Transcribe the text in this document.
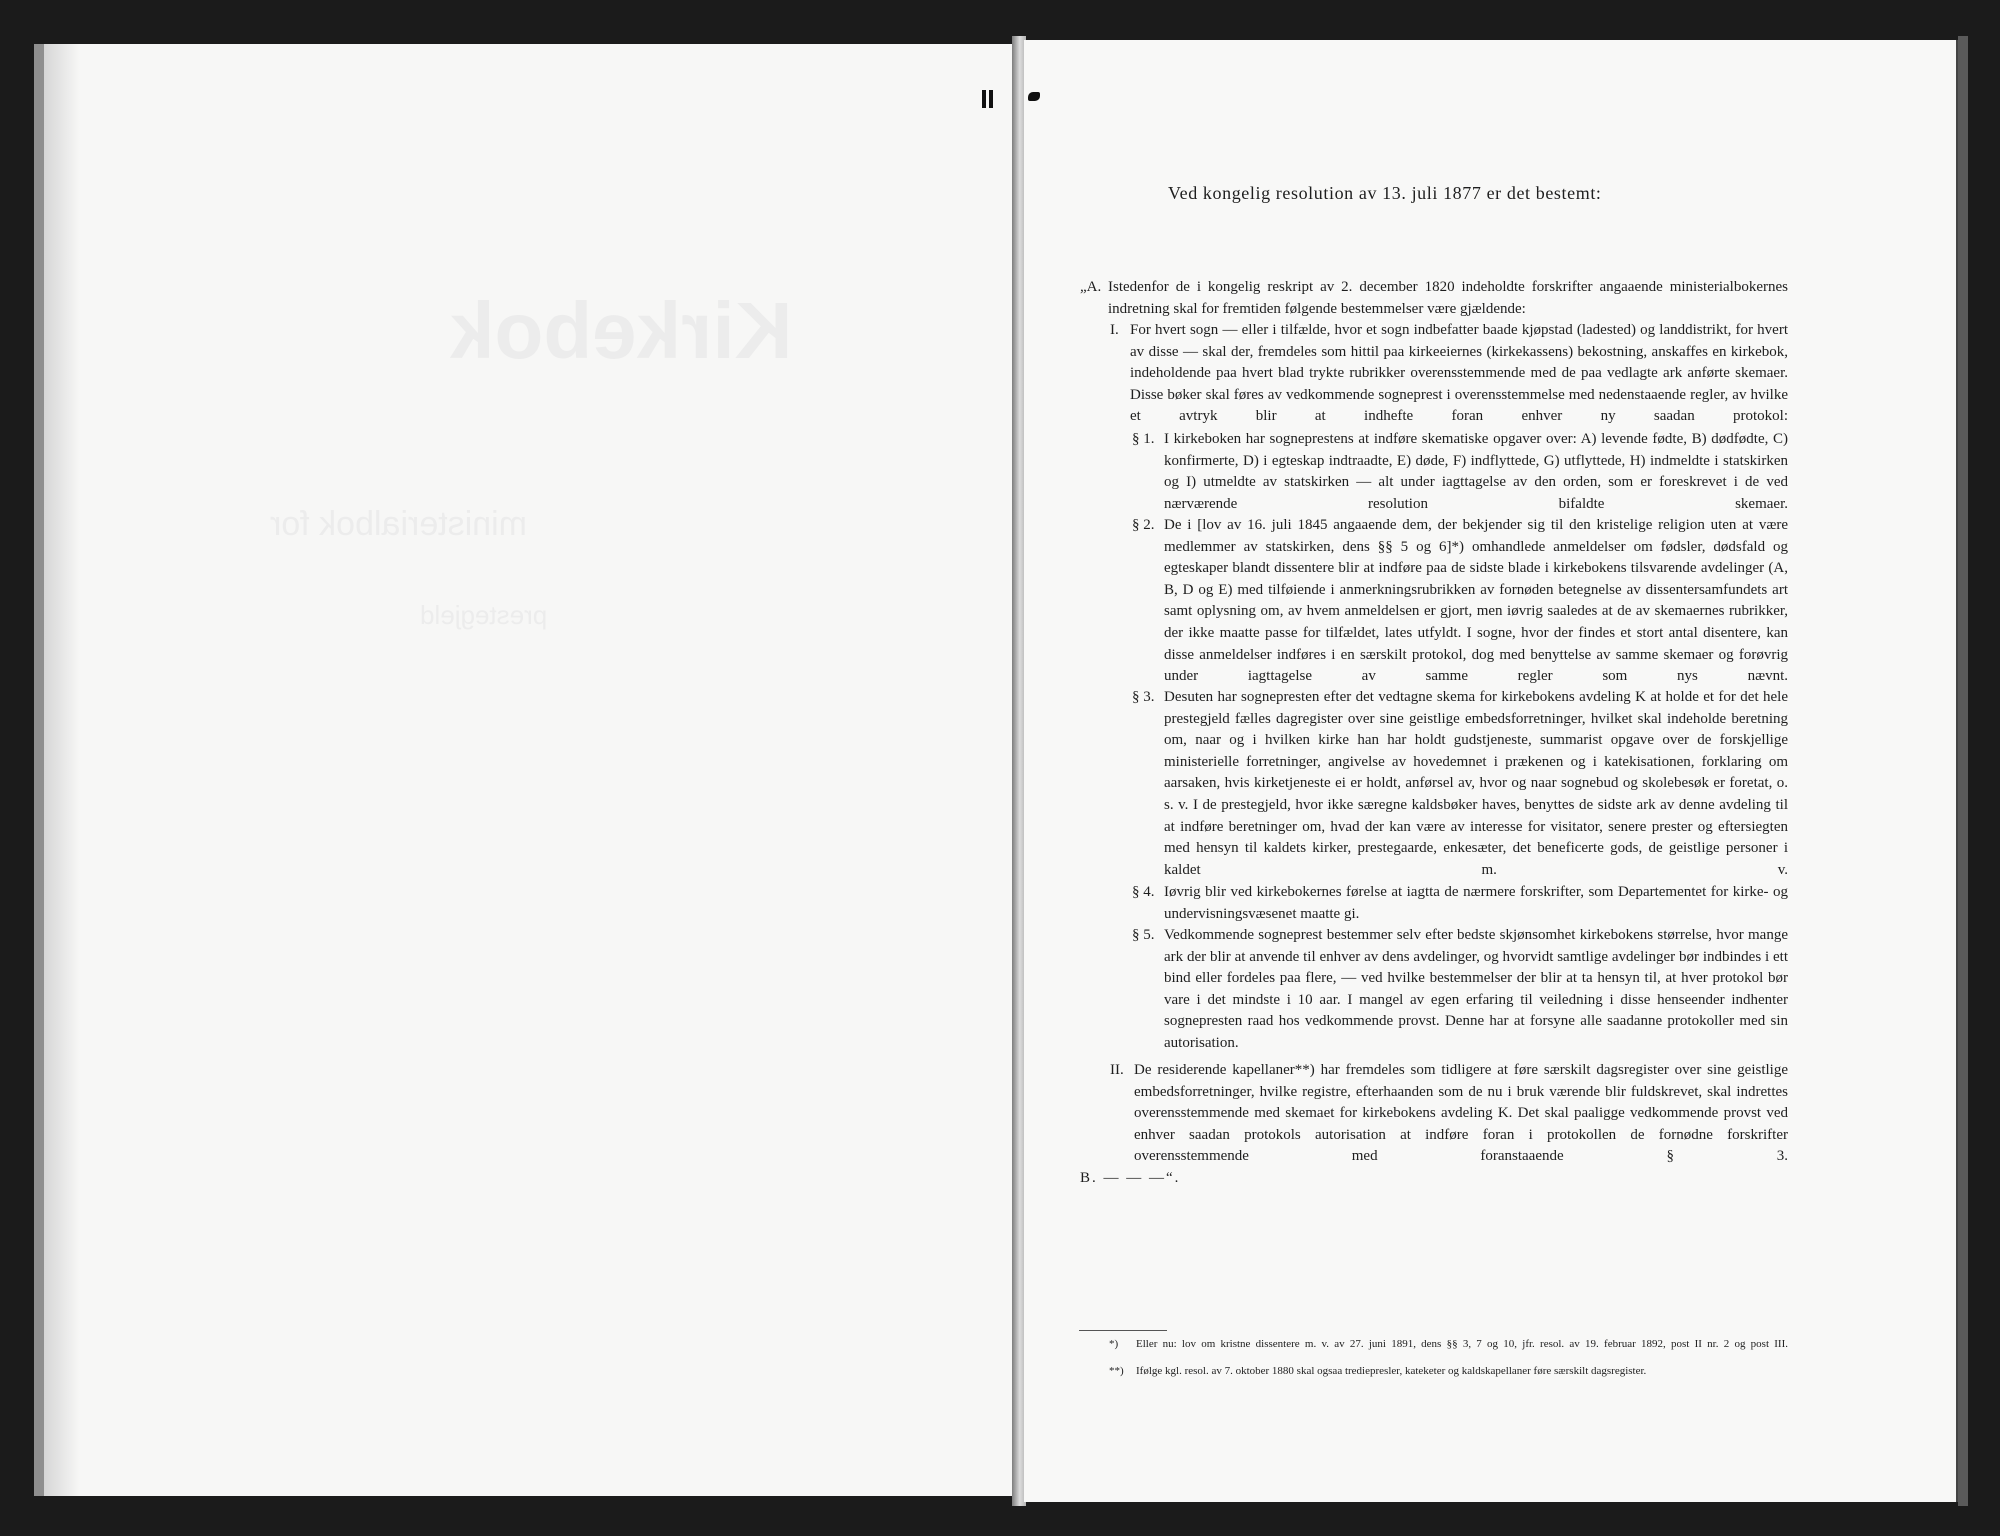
Kirkebok
ministerialbok for
prestegjeld
Ved kongelig resolution av 13. juli 1877 er det bestemt:
„A. Istedenfor de i kongelig reskript av 2. december 1820 indeholdte forskrifter angaaende ministerialbokernes indretning skal for fremtiden følgende bestemmelser være gjældende:
I. For hvert sogn — eller i tilfælde, hvor et sogn indbefatter baade kjøpstad (ladested) og landdistrikt, for hvert av disse — skal der, fremdeles som hittil paa kirkeeiernes (kirkekassens) bekostning, anskaffes en kirkebok, indeholdende paa hvert blad trykte rubrikker overensstemmende med de paa vedlagte ark anførte skemaer. Disse bøker skal føres av vedkommende sogneprest i overensstemmelse med nedenstaaende regler, av hvilke et avtryk blir at indhefte foran enhver ny saadan protokol:
§ 1. I kirkeboken har sogneprestens at indføre skematiske opgaver over: A) levende fødte, B) dødfødte, C) konfirmerte, D) i egteskap indtraadte, E) døde, F) indflyttede, G) utflyttede, H) indmeldte i statskirken og I) utmeldte av statskirken — alt under iagttagelse av den orden, som er foreskrevet i de ved nærværende resolution bifaldte skemaer.
§ 2. De i [lov av 16. juli 1845 angaaende dem, der bekjender sig til den kristelige religion uten at være medlemmer av statskirken, dens §§ 5 og 6]*) omhandlede anmeldelser om fødsler, dødsfald og egteskaper blandt dissentere blir at indføre paa de sidste blade i kirkebokens tilsvarende avdelinger (A, B, D og E) med tilføiende i anmerkningsrubrikken av fornøden betegnelse av dissentersamfundets art samt oplysning om, av hvem anmeldelsen er gjort, men iøvrig saaledes at de av skemaernes rubrikker, der ikke maatte passe for tilfældet, lates utfyldt. I sogne, hvor der findes et stort antal disentere, kan disse anmeldelser indføres i en særskilt protokol, dog med benyttelse av samme skemaer og forøvrig under iagttagelse av samme regler som nys nævnt.
§ 3. Desuten har sognepresten efter det vedtagne skema for kirkebokens avdeling K at holde et for det hele prestegjeld fælles dagregister over sine geistlige embedsforretninger, hvilket skal indeholde beretning om, naar og i hvilken kirke han har holdt gudstjeneste, summarist opgave over de forskjellige ministerielle forretninger, angivelse av hovedemnet i prækenen og i katekisationen, forklaring om aarsaken, hvis kirketjeneste ei er holdt, anførsel av, hvor og naar sognebud og skolebesøk er foretat, o. s. v. I de prestegjeld, hvor ikke særegne kaldsbøker haves, benyttes de sidste ark av denne avdeling til at indføre beretninger om, hvad der kan være av interesse for visitator, senere prester og eftersiegten med hensyn til kaldets kirker, prestegaarde, enkesæter, det beneficerte gods, de geistlige personer i kaldet m. v.
§ 4. Iøvrig blir ved kirkebokernes førelse at iagtta de nærmere forskrifter, som Departementet for kirke- og undervisningsvæsenet maatte gi.
§ 5. Vedkommende sogneprest bestemmer selv efter bedste skjønsomhet kirkebokens størrelse, hvor mange ark der blir at anvende til enhver av dens avdelinger, og hvorvidt samtlige avdelinger bør indbindes i ett bind eller fordeles paa flere, — ved hvilke bestemmelser der blir at ta hensyn til, at hver protokol bør vare i det mindste i 10 aar. I mangel av egen erfaring til veiledning i disse henseender indhenter sognepresten raad hos vedkommende provst. Denne har at forsyne alle saadanne protokoller med sin autorisation.
II. De residerende kapellaner**) har fremdeles som tidligere at føre særskilt dagsregister over sine geistlige embedsforretninger, hvilke registre, efterhaanden som de nu i bruk værende blir fuldskrevet, skal indrettes overensstemmende med skemaet for kirkebokens avdeling K. Det skal paaligge vedkommende provst ved enhver saadan protokols autorisation at indføre foran i protokollen de fornødne forskrifter overensstemmende med foranstaaende § 3.
B. — — —“.
*) Eller nu: lov om kristne dissentere m. v. av 27. juni 1891, dens §§ 3, 7 og 10, jfr. resol. av 19. februar 1892, post II nr. 2 og post III.
**) Ifølge kgl. resol. av 7. oktober 1880 skal ogsaa trediepresler, kateketer og kaldskapellaner føre særskilt dagsregister.
